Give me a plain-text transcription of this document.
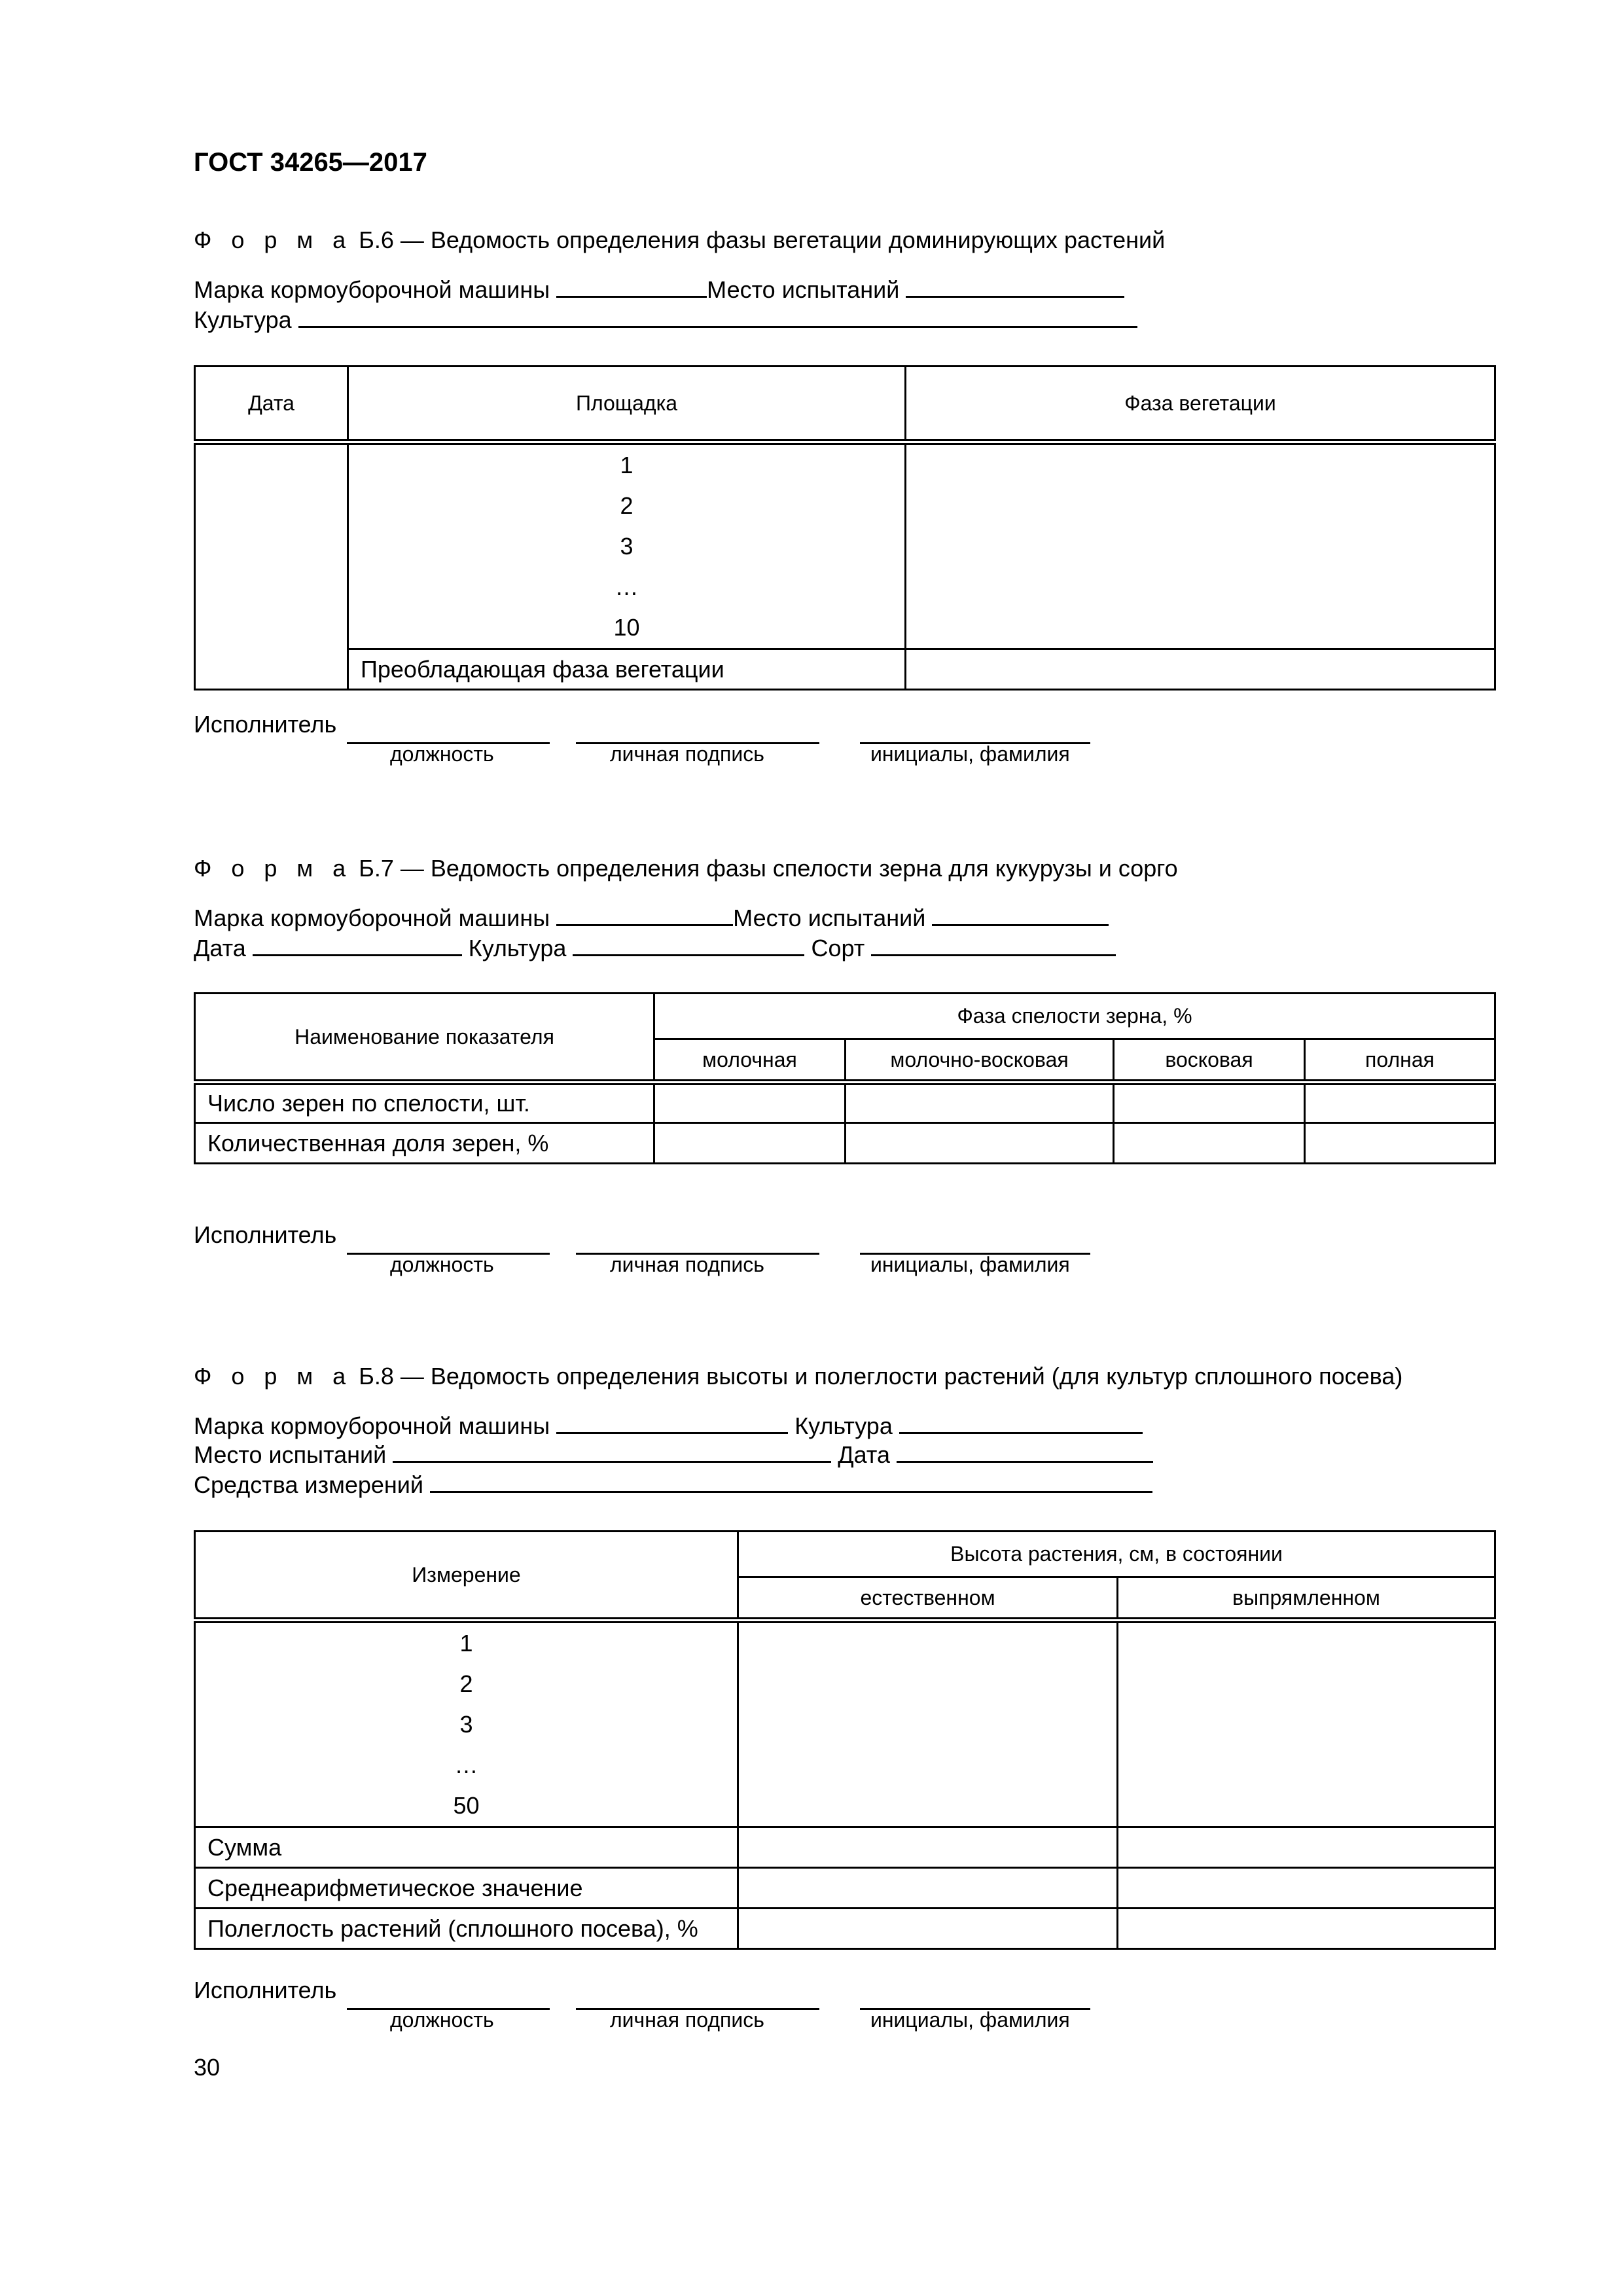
ГОСТ 34265—2017
Ф о р м а Б.6 — Ведомость определения фазы вегетации доминирующих растений
Марка кормоуборочной машины	Место испытаний
Культура
Дата	Площадка	Фаза вегетации

	1
2
3
…
10	

	Преобладающая фаза вегетации	
Исполнитель
должность	личная подпись	инициалы, фамилия
Ф о р м а Б.7 — Ведомость определения фазы спелости зерна для кукурузы и сорго
Марка кормоуборочной машины	Место испытаний
Дата	Культура	Сорт
Наименование показателя	Фаза спелости зерна, %			
	молочная	молочно-восковая	восковая	полная
Число зерен по спелости, шт.				
Количественная доля зерен, %				
Исполнитель
должность	личная подпись	инициалы, фамилия
Ф о р м а Б.8 — Ведомость определения высоты и полеглости растений (для культур сплошного посева)
Марка кормоуборочной машины	Культура
Место испытаний	Дата
Средства измерений
Измерение	Высота растения, см, в состоянии	
	естественном	выпрямленном

1
2
3
…
50		

Сумма		
Среднеарифметическое значение		
Полеглость растений (сплошного посева), %		
Исполнитель
должность	личная подпись	инициалы, фамилия
30
